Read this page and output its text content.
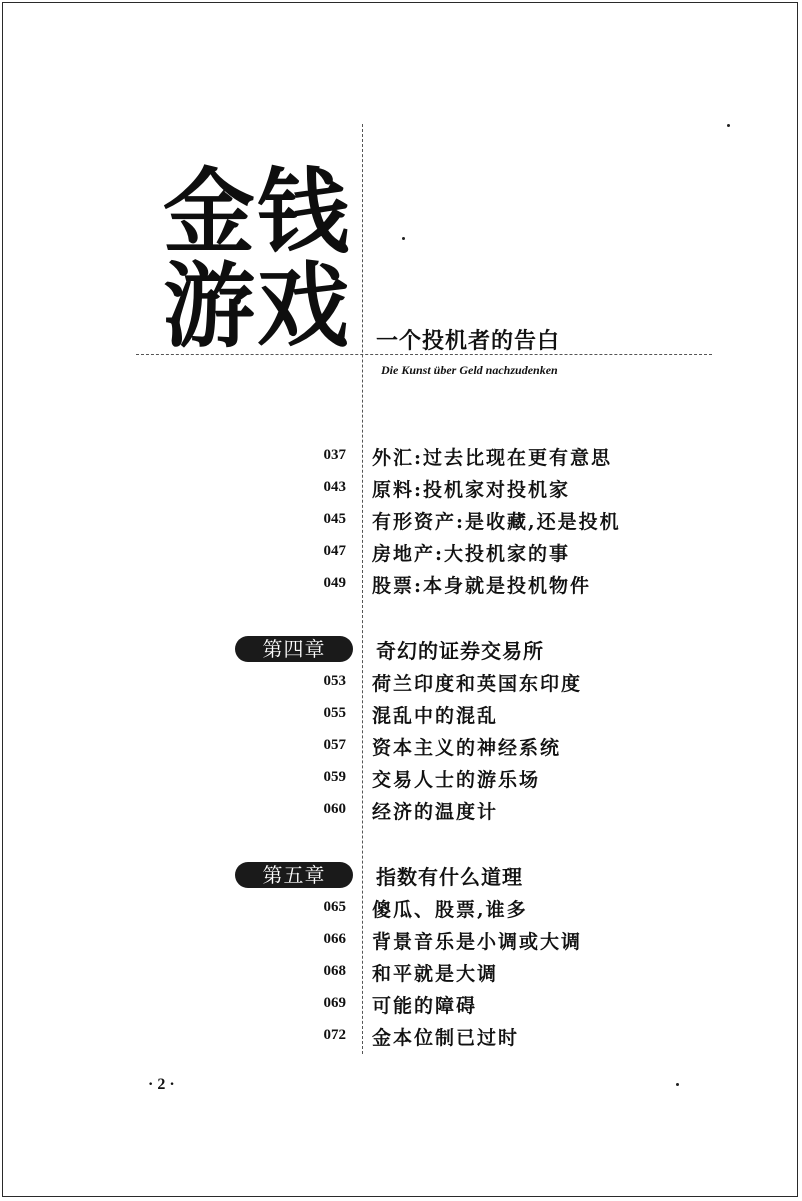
金钱
游戏 一个投机者的告白
Die Kunst über Geld nachzudenken
037 外汇:过去比现在更有意思
043 原料:投机家对投机家
045 有形资产:是收藏,还是投机
047 房地产:大投机家的事
049 股票:本身就是投机物件
第四章	奇幻的证券交易所
053 荷兰印度和英国东印度
055 混乱中的混乱
057 资本主义的神经系统
059 交易人士的游乐场
060 经济的温度计
第五章	指数有什么道理
065 傻瓜、股票,谁多
066 背景音乐是小调或大调
068 和平就是大调
069 可能的障碍
072 金本位制已过时
· 2 ·
